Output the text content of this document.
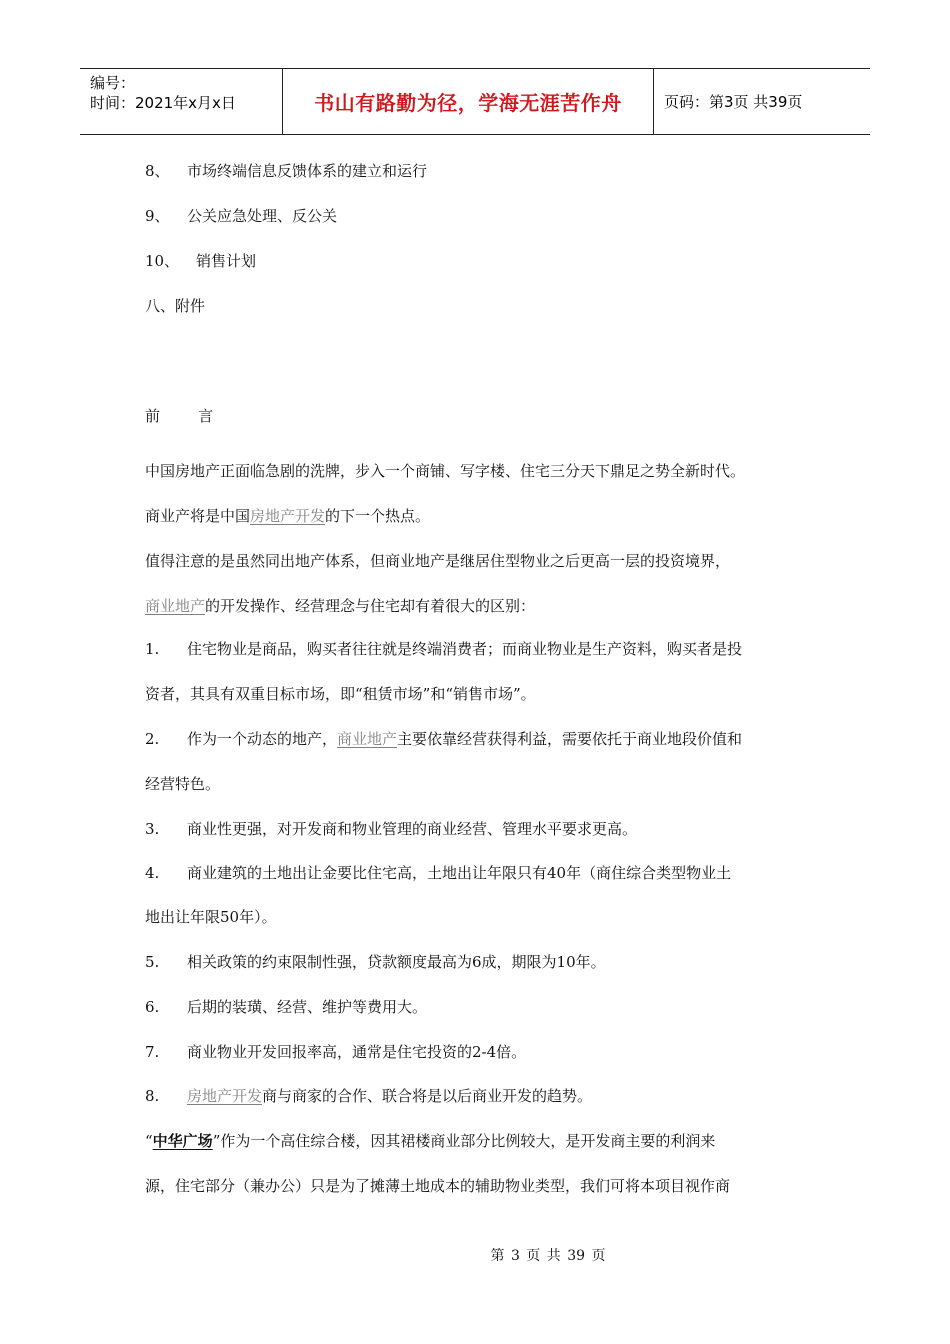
编号：
时间：2021年x月x日	书山有路勤为径，学海无涯苦作舟	页码：第3页 共39页
8、 市场终端信息反馈体系的建立和运行
9、 公关应急处理、反公关
10、 销售计划
八、附件
前        言
中国房地产正面临急剧的洗牌，步入一个商铺、写字楼、住宅三分天下鼎足之势全新时代。
商业产将是中国房地产开发的下一个热点。
值得注意的是虽然同出地产体系，但商业地产是继居住型物业之后更高一层的投资境界，
商业地产的开发操作、经营理念与住宅却有着很大的区别：
1. 住宅物业是商品，购买者往往就是终端消费者；而商业物业是生产资料，购买者是投
资者，其具有双重目标市场，即“租赁市场”和“销售市场”。
2. 作为一个动态的地产，商业地产主要依靠经营获得利益，需要依托于商业地段价值和
经营特色。
3. 商业性更强，对开发商和物业管理的商业经营、管理水平要求更高。
4. 商业建筑的土地出让金要比住宅高，土地出让年限只有40年（商住综合类型物业土
地出让年限50年）。
5. 相关政策的约束限制性强，贷款额度最高为6成，期限为10年。
6. 后期的装璜、经营、维护等费用大。
7. 商业物业开发回报率高，通常是住宅投资的2-4倍。
8. 房地产开发商与商家的合作、联合将是以后商业开发的趋势。
“中华广场”作为一个高住综合楼，因其裙楼商业部分比例较大，是开发商主要的利润来
源，住宅部分（兼办公）只是为了摊薄土地成本的辅助物业类型，我们可将本项目视作商
第 3 页 共 39 页
